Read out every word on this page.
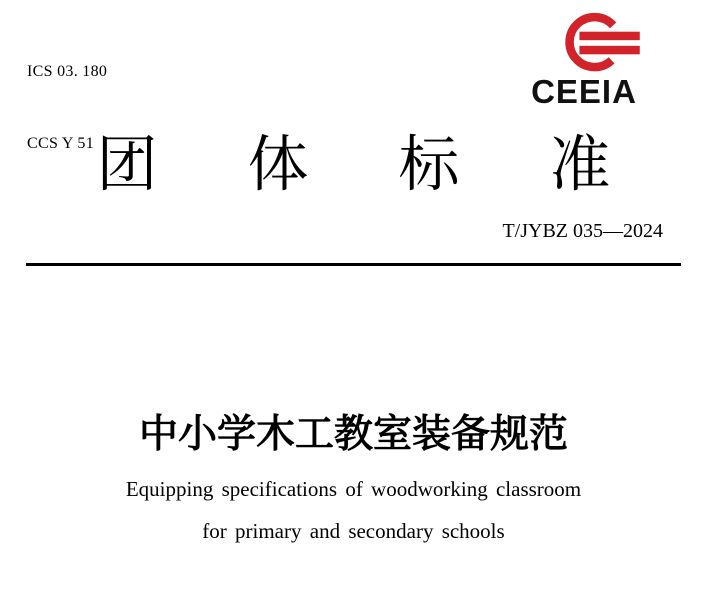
ICS 03. 180

CCS Y 51

CEEIA
团 体 标 准
T/JYBZ 035—2024
中小学木工教室装备规范
Equipping specifications of woodworking classroom
for primary and secondary schools
